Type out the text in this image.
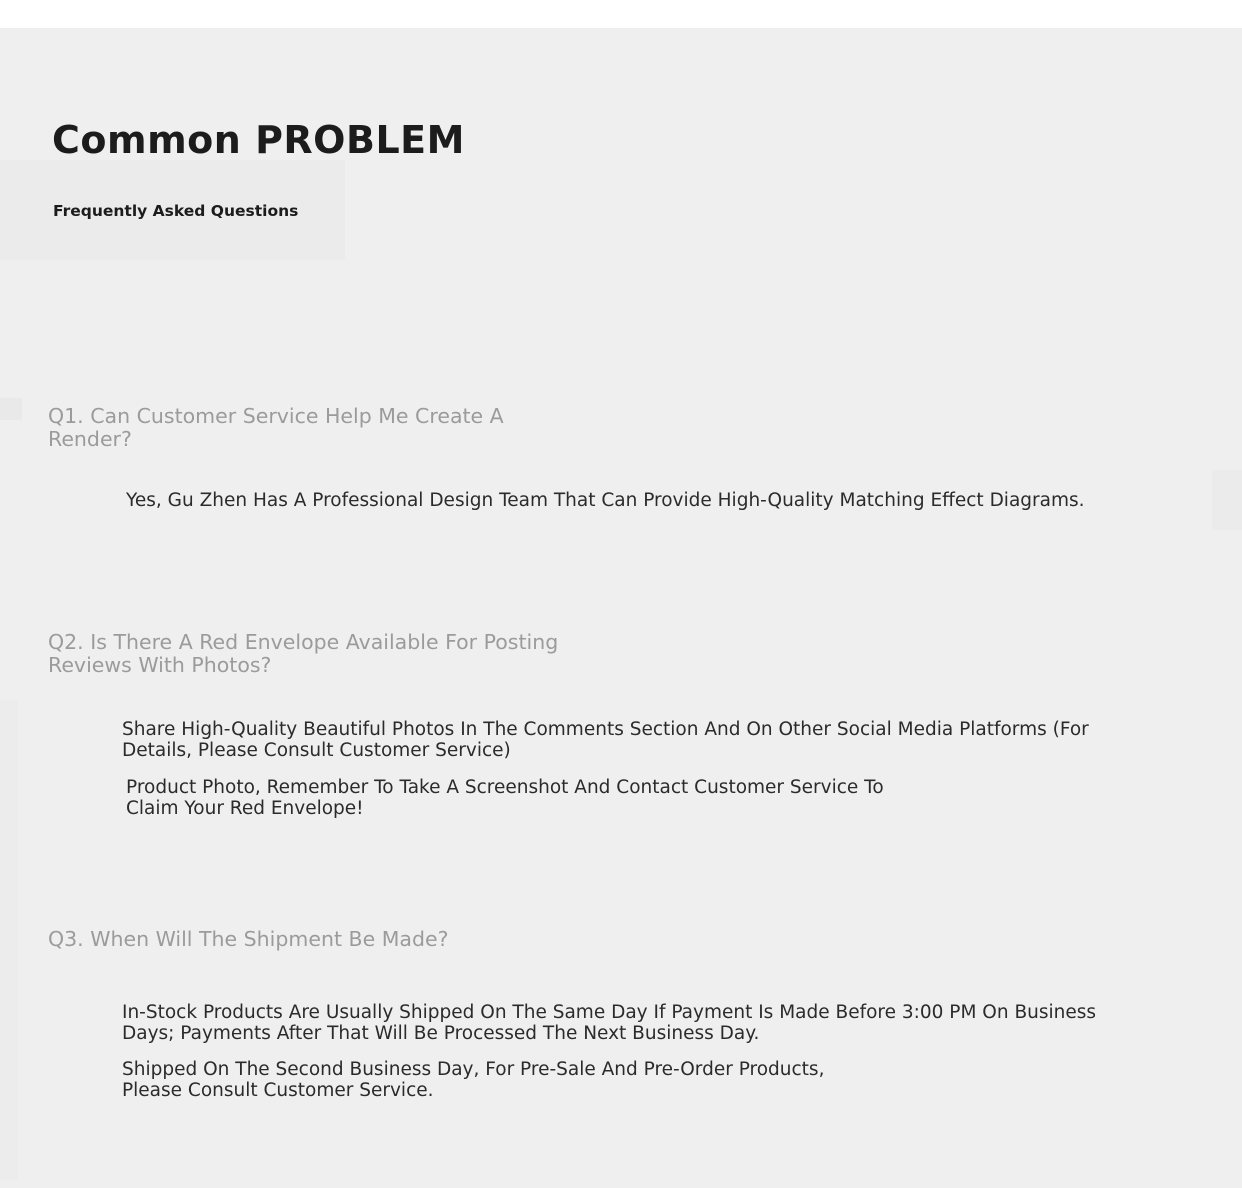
Common PROBLEM
Frequently Asked Questions
Q1. Can Customer Service Help Me Create A Render?
Yes, Gu Zhen Has A Professional Design Team That Can Provide High-Quality Matching Effect Diagrams.
Q2. Is There A Red Envelope Available For Posting Reviews With Photos?
Share High-Quality Beautiful Photos In The Comments Section And On Other Social Media Platforms (For Details, Please Consult Customer Service)
Product Photo, Remember To Take A Screenshot And Contact Customer Service To Claim Your Red Envelope!
Q3. When Will The Shipment Be Made?
In-Stock Products Are Usually Shipped On The Same Day If Payment Is Made Before 3:00 PM On Business Days; Payments After That Will Be Processed The Next Business Day.
Shipped On The Second Business Day, For Pre-Sale And Pre-Order Products, Please Consult Customer Service.
